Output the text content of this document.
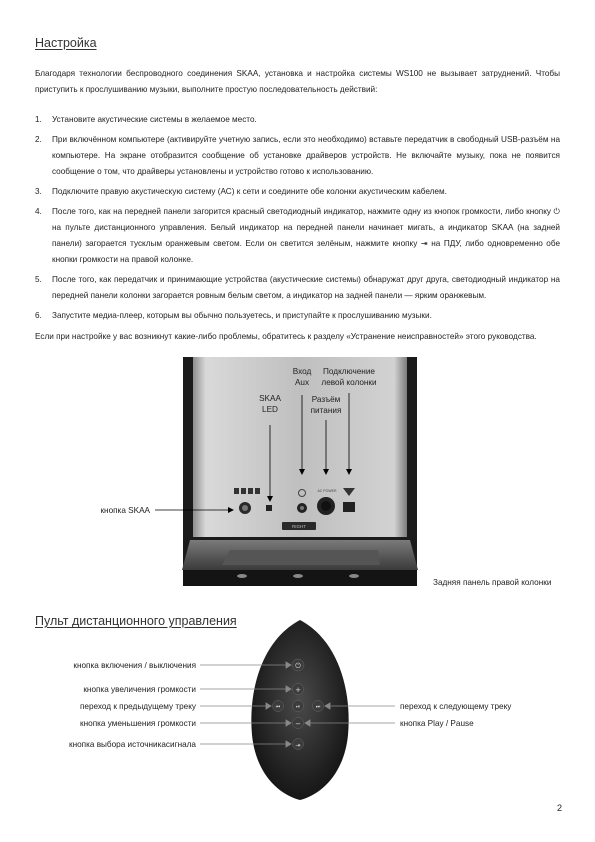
Настройка

Благодаря технологии беспроводного соединения SKAA, установка и настройка системы WS100 не вызывает затруднений. Чтобы приступить к прослушиванию музыки, выполните простую последовательность действий:

1. Установите акустические системы в желаемое место.
2. При включённом компьютере (активируйте учетную запись, если это необходимо) вставьте передатчик в свободный USB-разъём на компьютере. На экране отобразится сообщение об установке драйверов устройств. Не включайте музыку, пока не появится сообщение о том, что драйверы установлены и устройство готово к использованию.
3. Подключите правую акустическую систему (АС) к сети и соедините обе колонки акустическим кабелем.
4. После того, как на передней панели загорится красный светодиодный индикатор, нажмите одну из кнопок громкости, либо кнопку ⏻ на пульте дистанционного управления. Белый индикатор на передней панели начинает мигать, а индикатор SKAA (на задней панели) загорается тусклым оранжевым светом. Если он светится зелёным, нажмите кнопку ⇥ на ПДУ, либо одновременно обе кнопки громкости на правой колонке.
5. После того, как передатчик и принимающие устройства (акустические системы) обнаружат друг друга, светодиодный индикатор на передней панели колонки загорается ровным белым светом, а индикатор на задней панели — ярким оранжевым.
6. Запустите медиа-плеер, которым вы обычно пользуетесь, и приступайте к прослушиванию музыки.

Если при настройке у вас возникнут какие-либо проблемы, обратитесь к разделу «Устранение неисправностей» этого руководства.

AC POWER
RIGHT
⏻
+
⏮	⏯	⏭
−
⇥
SKAA
LED
Вход
Aux
Подключение
левой колонки
Разъём
питания
кнопка SKAA
Задняя панель правой колонки
Пульт дистанционного управления
кнопка включения / выключения
кнопка увеличения громкости
переход к предыдущему треку
кнопка уменьшения громкости
кнопка выбора источникасигнала
переход к следующему треку
кнопка Play / Pause
2
